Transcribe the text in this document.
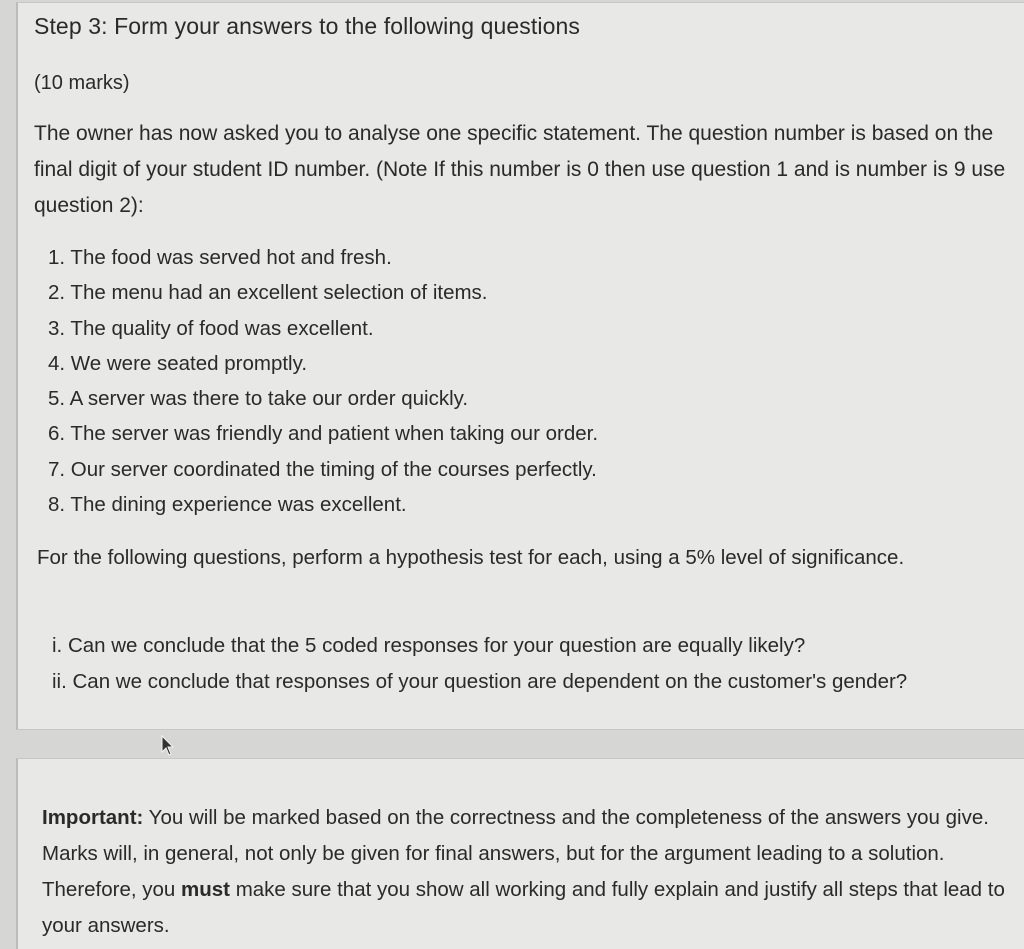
Step 3: Form your answers to the following questions
(10 marks)
The owner has now asked you to analyse one specific statement. The question number is based on the final digit of your student ID number. (Note If this number is 0 then use question 1 and is number is 9 use question 2):
1. The food was served hot and fresh.
2. The menu had an excellent selection of items.
3. The quality of food was excellent.
4. We were seated promptly.
5. A server was there to take our order quickly.
6. The server was friendly and patient when taking our order.
7. Our server coordinated the timing of the courses perfectly.
8. The dining experience was excellent.
For the following questions, perform a hypothesis test for each, using a 5% level of significance.
i. Can we conclude that the 5 coded responses for your question are equally likely?
ii. Can we conclude that responses of your question are dependent on the customer's gender?
Important: You will be marked based on the correctness and the completeness of the answers you give. Marks will, in general, not only be given for final answers, but for the argument leading to a solution. Therefore, you must make sure that you show all working and fully explain and justify all steps that lead to your answers.
